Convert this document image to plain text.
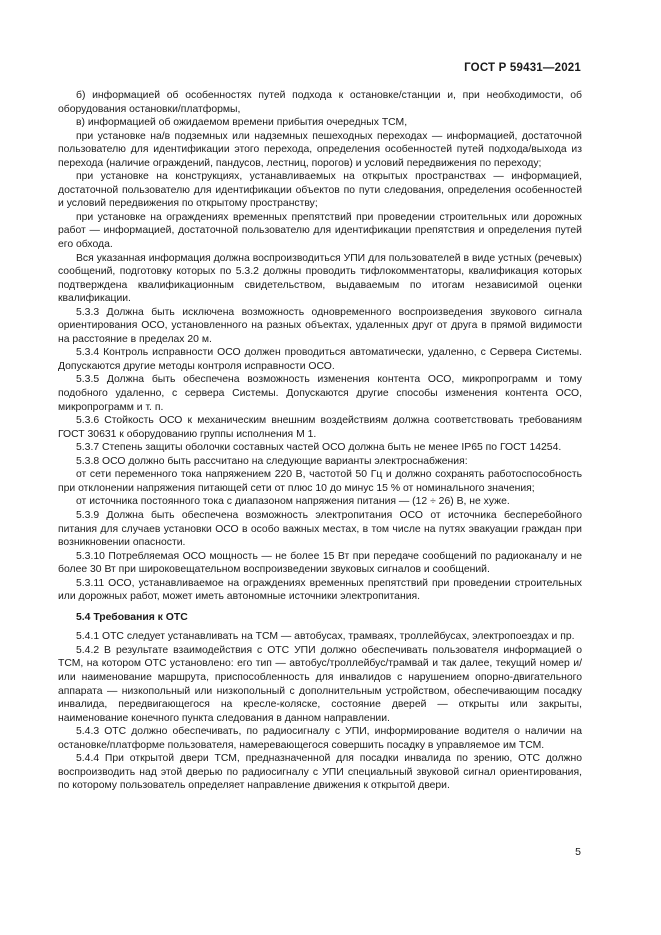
ГОСТ Р 59431—2021

б) информацией об особенностях путей подхода к остановке/станции и, при необходимости, об оборудования остановки/платформы,

в) информацией об ожидаемом времени прибытия очередных ТСМ,

при установке на/в подземных или надземных пешеходных переходах — информацией, достаточной пользователю для идентификации этого перехода, определения особенностей путей подхода/выхода из перехода (наличие ограждений, пандусов, лестниц, порогов) и условий передвижения по переходу;

при установке на конструкциях, устанавливаемых на открытых пространствах — информацией, достаточной пользователю для идентификации объектов по пути следования, определения особенностей и условий передвижения по открытому пространству;

при установке на ограждениях временных препятствий при проведении строительных или дорожных работ — информацией, достаточной пользователю для идентификации препятствия и определения путей его обхода.

Вся указанная информация должна воспроизводиться УПИ для пользователей в виде устных (речевых) сообщений, подготовку которых по 5.3.2 должны проводить тифлокомментаторы, квалификация которых подтверждена квалификационным свидетельством, выдаваемым по итогам независимой оценки квалификации.

5.3.3 Должна быть исключена возможность одновременного воспроизведения звукового сигнала ориентирования ОСО, установленного на разных объектах, удаленных друг от друга в прямой видимости на расстояние в пределах 20 м.

5.3.4 Контроль исправности ОСО должен проводиться автоматически, удаленно, с Сервера Системы. Допускаются другие методы контроля исправности ОСО.

5.3.5 Должна быть обеспечена возможность изменения контента ОСО, микропрограмм и тому подобного удаленно, с сервера Системы. Допускаются другие способы изменения контента ОСО, микропрограмм и т. п.

5.3.6 Стойкость ОСО к механическим внешним воздействиям должна соответствовать требованиям ГОСТ 30631 к оборудованию группы исполнения М 1.

5.3.7 Степень защиты оболочки составных частей ОСО должна быть не менее IP65 по ГОСТ 14254.

5.3.8 ОСО должно быть рассчитано на следующие варианты электроснабжения:

от сети переменного тока напряжением 220 В, частотой 50 Гц и должно сохранять работоспособность при отклонении напряжения питающей сети от плюс 10 до минус 15 % от номинального значения;

от источника постоянного тока с диапазоном напряжения питания — (12 ÷ 26) В, не хуже.

5.3.9 Должна быть обеспечена возможность электропитания ОСО от источника бесперебойного питания для случаев установки ОСО в особо важных местах, в том числе на путях эвакуации граждан при возникновении опасности.

5.3.10 Потребляемая ОСО мощность — не более 15 Вт при передаче сообщений по радиоканалу и не более 30 Вт при широковещательном воспроизведении звуковых сигналов и сообщений.

5.3.11 ОСО, устанавливаемое на ограждениях временных препятствий при проведении строительных или дорожных работ, может иметь автономные источники электропитания.

5.4 Требования к ОТС

5.4.1 ОТС следует устанавливать на ТСМ — автобусах, трамваях, троллейбусах, электропоездах и пр.

5.4.2 В результате взаимодействия с ОТС УПИ должно обеспечивать пользователя информацией о ТСМ, на котором ОТС установлено: его тип — автобус/троллейбус/трамвай и так далее, текущий номер и/или наименование маршрута, приспособленность для инвалидов с нарушением опорно-двигательного аппарата — низкопольный или низкопольный с дополнительным устройством, обеспечивающим посадку инвалида, передвигающегося на кресле-коляске, состояние дверей — открыты или закрыты, наименование конечного пункта следования в данном направлении.

5.4.3 ОТС должно обеспечивать, по радиосигналу с УПИ, информирование водителя о наличии на остановке/платформе пользователя, намеревающегося совершить посадку в управляемое им ТСМ.

5.4.4 При открытой двери ТСМ, предназначенной для посадки инвалида по зрению, ОТС должно воспроизводить над этой дверью по радиосигналу с УПИ специальный звуковой сигнал ориентирования, по которому пользователь определяет направление движения к открытой двери.

5
